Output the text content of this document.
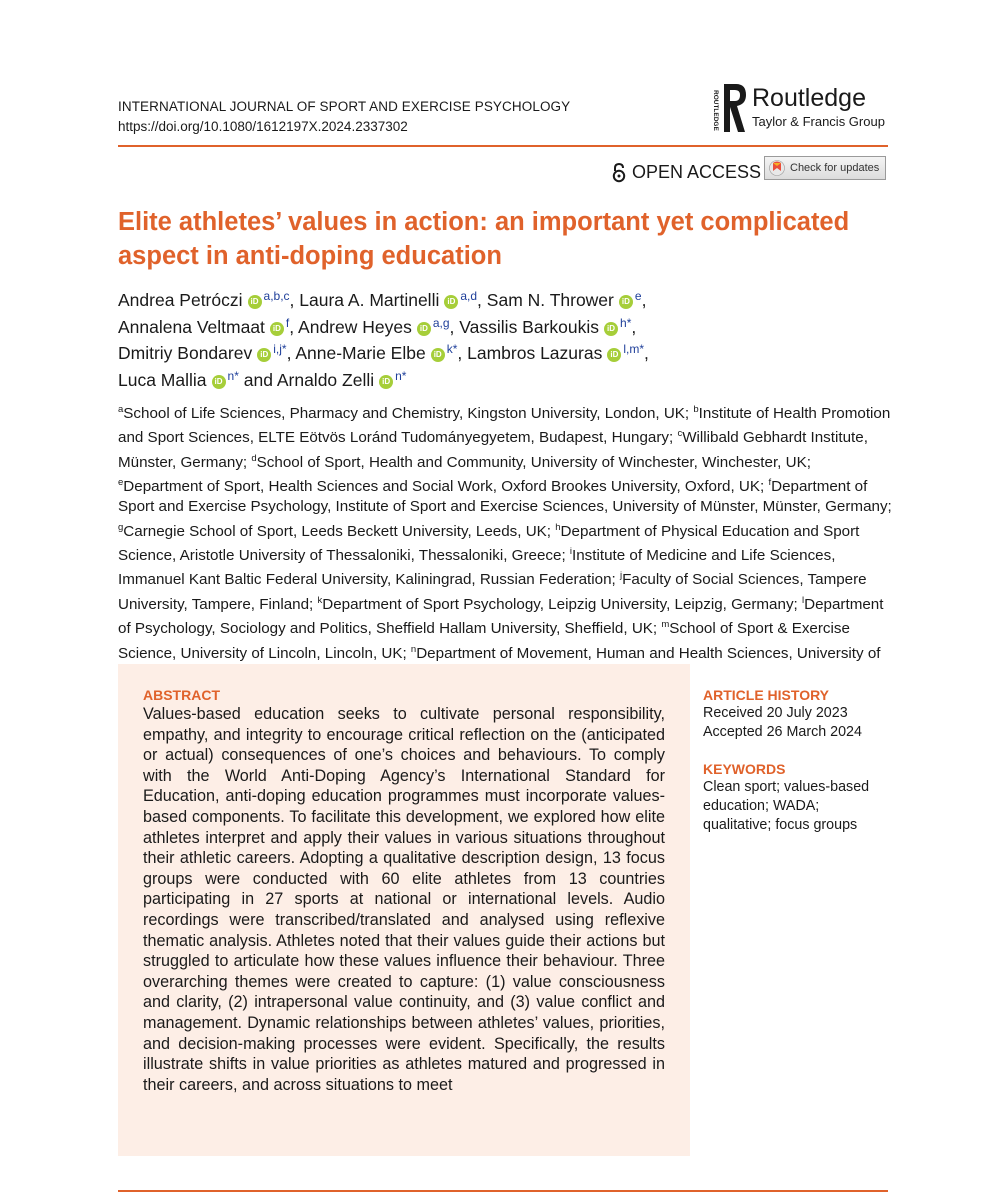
INTERNATIONAL JOURNAL OF SPORT AND EXERCISE PSYCHOLOGY
https://doi.org/10.1080/1612197X.2024.2337302	ROUTLEDGE Routledge
Taylor & Francis Group
OPEN ACCESS	Check for updates
Elite athletes’ values in action: an important yet complicated
aspect in anti-doping education
Andrea Petróczi iD $^{a,b,c}$, Laura A. Martinelli iD $^{a,d}$, Sam N. Thrower iD $^e$,
Annalena Veltmaat iD $^f$, Andrew Heyes iD $^{a,g}$, Vassilis Barkoukis iD $^{h*}$,
Dmitriy Bondarev iD $^{i,j*}$, Anne-Marie Elbe iD $^{k*}$, Lambros Lazuras iD $^{l,m*}$,
Luca Mallia iD $^{n*}$ and Arnaldo Zelli iD $^{n*}$
$^a$School of Life Sciences, Pharmacy and Chemistry, Kingston University, London, UK; $^b$Institute of Health Promotion and Sport Sciences, ELTE Eötvös Loránd Tudományegyetem, Budapest, Hungary; $^c$Willibald Gebhardt Institute, Münster, Germany; $^d$School of Sport, Health and Community, University of Winchester, Winchester, UK; $^e$Department of Sport, Health Sciences and Social Work, Oxford Brookes University, Oxford, UK; $^f$Department of Sport and Exercise Psychology, Institute of Sport and Exercise Sciences, University of Münster, Münster, Germany; $^g$Carnegie School of Sport, Leeds Beckett University, Leeds, UK; $^h$Department of Physical Education and Sport Science, Aristotle University of Thessaloniki, Thessaloniki, Greece; $^i$Institute of Medicine and Life Sciences, Immanuel Kant Baltic Federal University, Kaliningrad, Russian Federation; $^j$Faculty of Social Sciences, Tampere University, Tampere, Finland; $^k$Department of Sport Psychology, Leipzig University, Leipzig, Germany; $^l$Department of Psychology, Sociology and Politics, Sheffield Hallam University, Sheffield, UK; $^m$School of Sport & Exercise Science, University of Lincoln, Lincoln, UK; $^n$Department of Movement, Human and Health Sciences, University of
ABSTRACT
Values-based education seeks to cultivate personal responsibility, empathy, and integrity to encourage critical reflection on the (anticipated or actual) consequences of one’s choices and behaviours. To comply with the World Anti-Doping Agency’s International Standard for Education, anti-doping education programmes must incorporate values-based components. To facilitate this development, we explored how elite athletes interpret and apply their values in various situations throughout their athletic careers. Adopting a qualitative description design, 13 focus groups were conducted with 60 elite athletes from 13 countries participating in 27 sports at national or international levels. Audio recordings were transcribed/translated and analysed using reflexive thematic analysis. Athletes noted that their values guide their actions but struggled to articulate how these values influence their behaviour. Three overarching themes were created to capture: (1) value consciousness and clarity, (2) intrapersonal value continuity, and (3) value conflict and management. Dynamic relationships between athletes’ values, priorities, and decision-making processes were evident. Specifically, the results illustrate shifts in value priorities as athletes matured and progressed in their careers, and across situations to meet
ARTICLE HISTORY
Received 20 July 2023
Accepted 26 March 2024
KEYWORDS
Clean sport; values-based
education; WADA;
qualitative; focus groups
